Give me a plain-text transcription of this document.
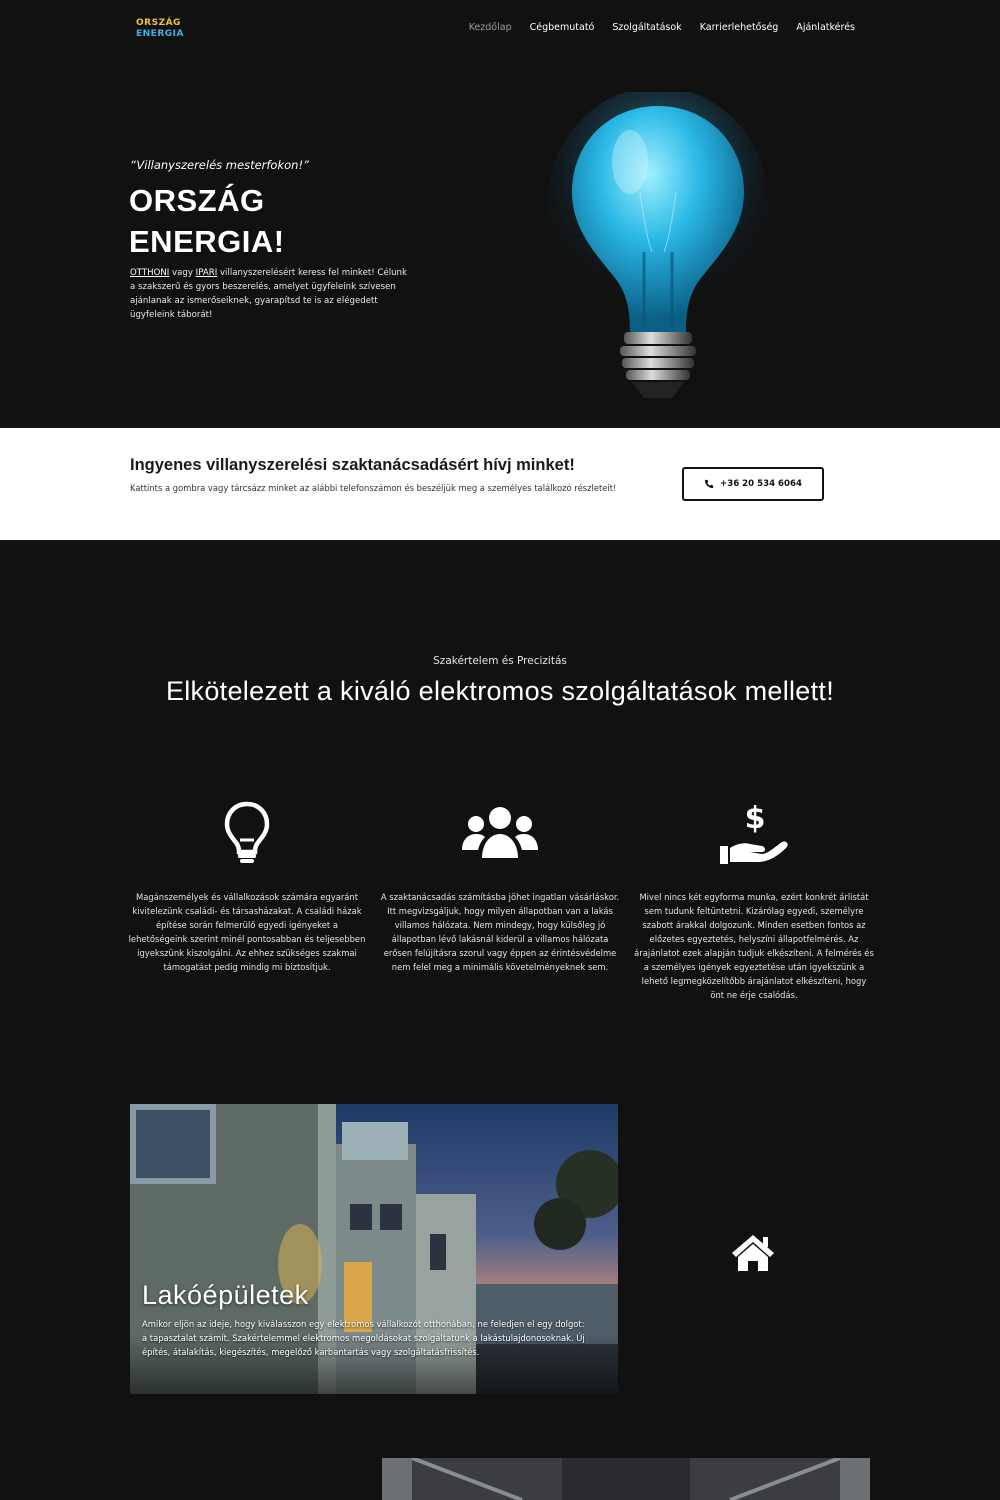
ORSZÁG
ENERGIA
Kezdőlap Cégbemutató Szolgáltatások Karrierlehetőség Ajánlatkérés
“Villanyszerelés mesterfokon!”
ORSZÁG
ENERGIA!
OTTHONI vagy IPARI villanyszerelésért keress fel minket! Célunk a szakszerű és gyors beszerelés, amelyet ügyfeleink szívesen ajánlanak az ismerőseiknek, gyarapítsd te is az elégedett ügyfeleink táborát!
Ingyenes villanyszerelési szaktanácsadásért hívj minket!
Kattints a gombra vagy tárcsázz minket az alábbi telefonszámon és beszéljük meg a személyes találkozó részleteit!	+36 20 534 6064
Szakértelem és Precizitás
Elkötelezett a kiváló elektromos szolgáltatások mellett!
$
Magánszemélyek és vállalkozások számára egyaránt kivitelezünk családi- és társasházakat. A családi házak építése során felmerülő egyedi igényeket a lehetőségeink szerint minél pontosabban és teljesebben igyekszünk kiszolgálni. Az ehhez szükséges szakmai támogatást pedig mindig mi biztosítjuk.
A szaktanácsadás számításba jöhet ingatlan vásárláskor. Itt megvizsgáljuk, hogy milyen állapotban van a lakás villamos hálózata. Nem mindegy, hogy külsőleg jó állapotban lévő lakásnál kiderül a villamos hálózata erősen felújításra szorul vagy éppen az érintésvédelme nem felel meg a minimális követelményeknek sem.
Mivel nincs két egyforma munka, ezért konkrét árlistát sem tudunk feltüntetni. Kizárólag egyedi, személyre szabott árakkal dolgozunk. Minden esetben fontos az előzetes egyeztetés, helyszíni állapotfelmérés. Az árajánlatot ezek alapján tudjuk elkészíteni. A felmérés és a személyes igények egyeztetése után igyekszünk a lehető legmegközelítőbb árajánlatot elkészíteni, hogy önt ne érje csalódás.
Lakóépületek
Amikor eljön az ideje, hogy kiválasszon egy elektromos vállalkozót otthonában, ne feledjen el egy dolgot: a tapasztalat számít. Szakértelemmel elektromos megoldásokat szolgáltatunk a lakástulajdonosoknak. Új építés, átalakítás, kiegészítés, megelőző karbantartás vagy szolgáltatásfrissítés.
